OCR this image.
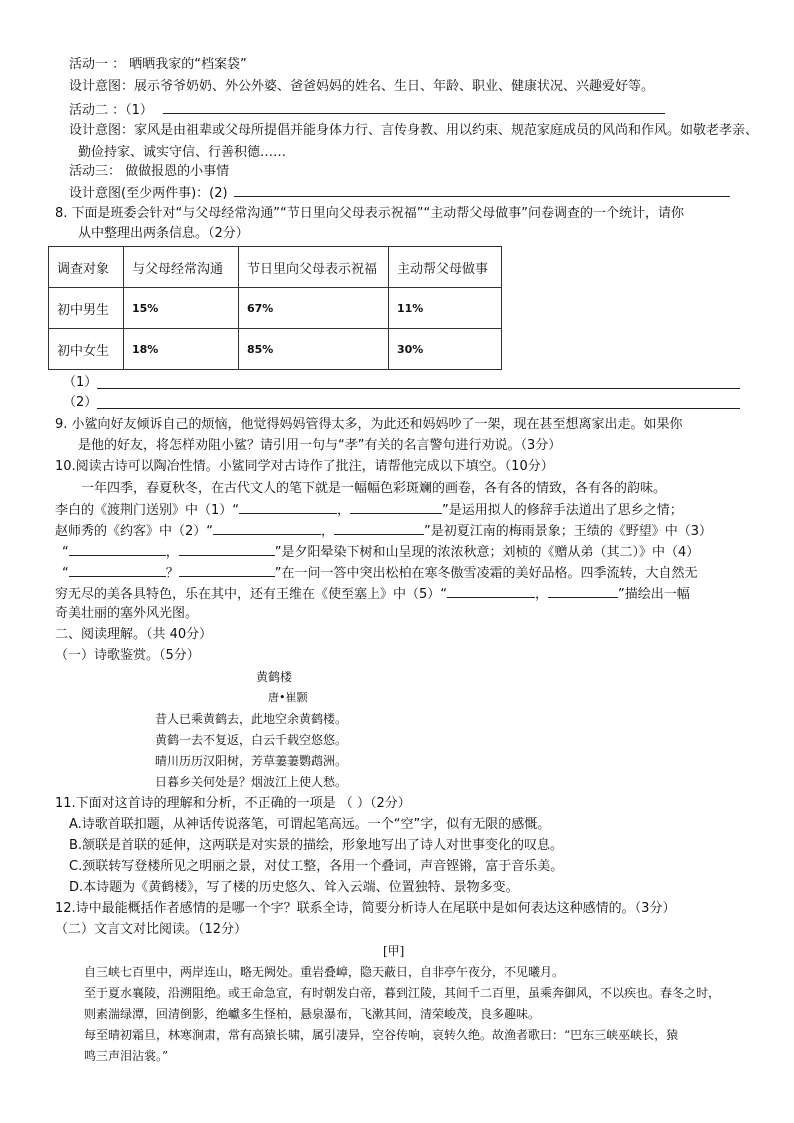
活动一 ： 晒晒我家的“档案袋”
设计意图：展示爷爷奶奶、外公外婆、爸爸妈妈的姓名、生日、年龄、职业、健康状况、兴趣爱好等。
活动二 ：（1）
设计意图：家风是由祖辈或父母所提倡并能身体力行、言传身教、用以约束、规范家庭成员的风尚和作风。如敬老孝亲、
勤俭持家、诚实守信、行善积德……
活动三： 做做报恩的小事情
设计意图(至少两件事)：(2)
8. 下面是班委会针对“与父母经常沟通”“节日里向父母表示祝福”“主动帮父母做事”问卷调查的一个统计，请你
从中整理出两条信息。（2分）
调查对象	与父母经常沟通	节日里向父母表示祝福	主动帮父母做事
初中男生	15%	67%	11%
初中女生	18%	85%	30%
（1）
（2）
9. 小鲨向好友倾诉自己的烦恼，他觉得妈妈管得太多，为此还和妈妈吵了一架，现在甚至想离家出走。如果你
是他的好友，将怎样劝阻小鲨？请引用一句与“孝”有关的名言警句进行劝说。（3分）
10.阅读古诗可以陶冶性情。小鲨同学对古诗作了批注，请帮他完成以下填空。（10分）
一年四季，春夏秋冬，在古代文人的笔下就是一幅幅色彩斑斓的画卷，各有各的情致，各有各的韵味。
李白的《渡荆门送别》中（1）“	，	”是运用拟人的修辞手法道出了思乡之情；
赵师秀的《约客》中（2）“	，	”是初夏江南的梅雨景象；王绩的《野望》中（3）
“	，	”是夕阳晕染下树和山呈现的浓浓秋意；刘桢的《赠从弟（其二）》中（4）
“	？	”在一问一答中突出松柏在寒冬傲雪凌霜的美好品格。四季流转，大自然无
穷无尽的美各具特色，乐在其中，还有王维在《使至塞上》中（5）“	，	”描绘出一幅
奇美壮丽的塞外风光图。
二、阅读理解。（共 40分）
（一）诗歌鉴赏。（5分）
黄鹤楼
唐•崔颢
昔人已乘黄鹤去，此地空余黄鹤楼。
黄鹤一去不复返，白云千载空悠悠。
晴川历历汉阳树，芳草萋萋鹦鹉洲。
日暮乡关何处是？烟波江上使人愁。
11.下面对这首诗的理解和分析，不正确的一项是 （ ）（2分）
A.诗歌首联扣题，从神话传说落笔，可谓起笔高远。一个“空”字，似有无限的感慨。
B.颔联是首联的延伸，这两联是对实景的描绘，形象地写出了诗人对世事变化的叹息。
C.颈联转写登楼所见之明丽之景，对仗工整，各用一个叠词，声音铿锵，富于音乐美。
D.本诗题为《黄鹤楼》，写了楼的历史悠久、耸入云端、位置独特、景物多变。
12.诗中最能概括作者感情的是哪一个字？联系全诗，简要分析诗人在尾联中是如何表达这种感情的。（3分）
（二）文言文对比阅读。（12分）
[甲]
自三峡七百里中，两岸连山，略无阙处。重岩叠嶂，隐天蔽日，自非亭午夜分，不见曦月。
至于夏水襄陵，沿溯阻绝。或王命急宣，有时朝发白帝，暮到江陵，其间千二百里，虽乘奔御风，不以疾也。春冬之时，
则素湍绿潭，回清倒影，绝巘多生怪柏，悬泉瀑布，飞漱其间，清荣峻茂，良多趣味。
每至晴初霜旦，林寒涧肃，常有高猿长啸，属引凄异，空谷传响，哀转久绝。故渔者歌曰：“巴东三峡巫峡长，猿
鸣三声泪沾裳。”
